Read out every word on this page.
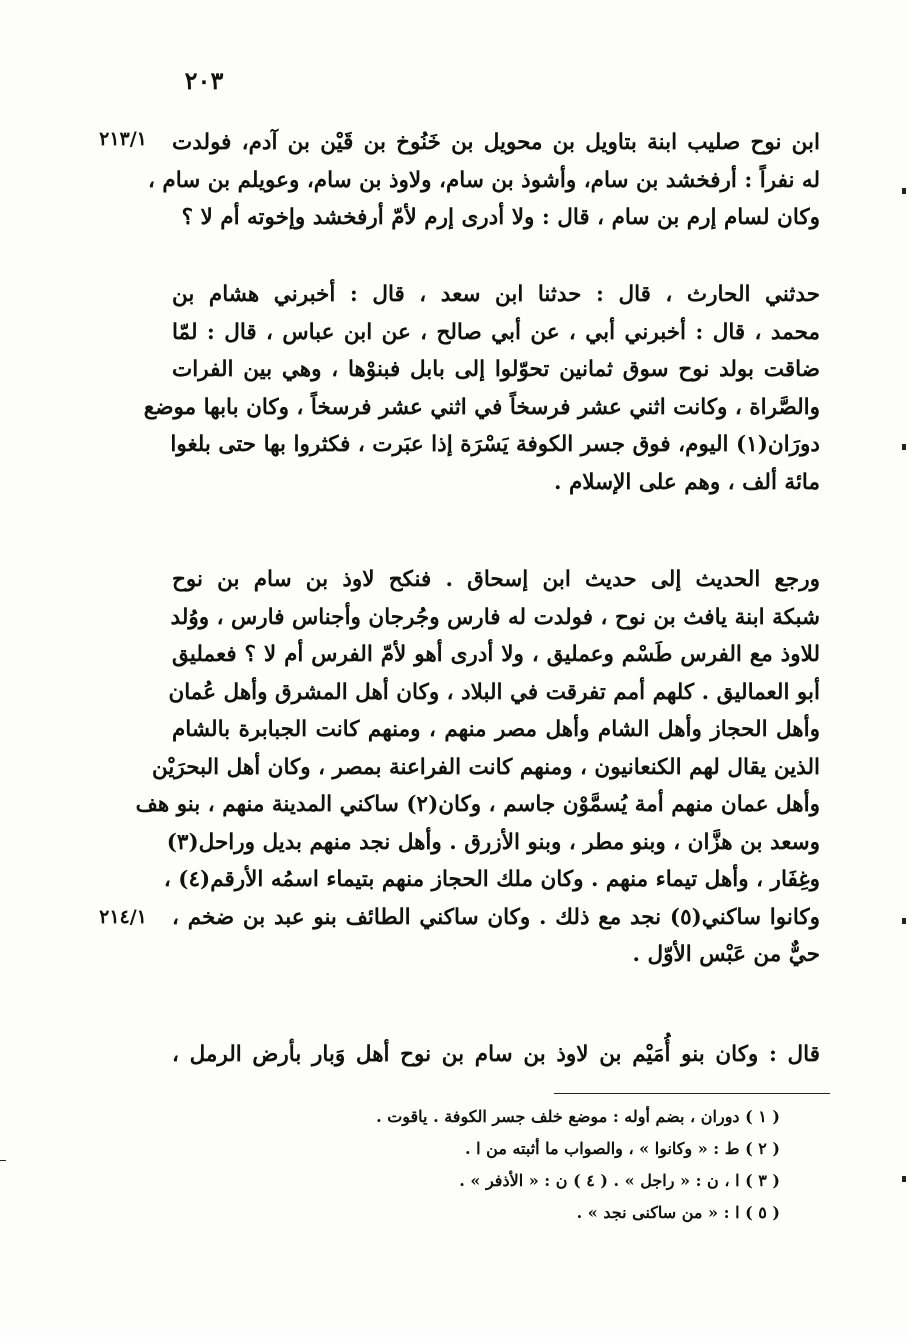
٢٠٣
٢١٣/١
٢١٤/١
ابن نوح صليب ابنة بتاويل بن محويل بن خَنُوخ بن قَيْن بن آدم، فولدت
له نفراً : أرفخشد بن سام، وأشوذ بن سام، ولاوذ بن سام، وعويلم بن سام ،
وكان لسام إرم بن سام ، قال : ولا أدرى إرم لأمّ أرفخشد وإخوته أم لا ؟
حدثني الحارث ، قال : حدثنا ابن سعد ، قال : أخبرني هشام بن
محمد ، قال : أخبرني أبي ، عن أبي صالح ، عن ابن عباس ، قال : لمّا
ضاقت بولد نوح سوق ثمانين تحوّلوا إلى بابل فبنوْها ، وهي بين الفرات
والصَّراة ، وكانت اثني عشر فرسخاً في اثني عشر فرسخاً ، وكان بابها موضع
دورَان(١) اليوم، فوق جسر الكوفة يَسْرَة إذا عبَرت ، فكثروا بها حتى بلغوا
مائة ألف ، وهم على الإسلام .
ورجع الحديث إلى حديث ابن إسحاق . فنكح لاوذ بن سام بن نوح
شبكة ابنة يافث بن نوح ، فولدت له فارس وجُرجان وأجناس فارس ، ووُلد
للاوذ مع الفرس طَسْم وعمليق ، ولا أدرى أهو لأمّ الفرس أم لا ؟ فعمليق
أبو العماليق . كلهم أمم تفرقت في البلاد ، وكان أهل المشرق وأهل عُمان
وأهل الحجاز وأهل الشام وأهل مصر منهم ، ومنهم كانت الجبابرة بالشام
الذين يقال لهم الكنعانيون ، ومنهم كانت الفراعنة بمصر ، وكان أهل البحرَيْن
وأهل عمان منهم أمة يُسمَّوْن جاسم ، وكان(٢) ساكني المدينة منهم ، بنو هف
وسعد بن هزَّان ، وبنو مطر ، وبنو الأزرق . وأهل نجد منهم بديل وراحل(٣)
وغِفَار ، وأهل تيماء منهم . وكان ملك الحجاز منهم بتيماء اسمُه الأرقم(٤) ،
وكانوا ساكني(٥) نجد مع ذلك . وكان ساكني الطائف بنو عبد بن ضخم ،
حيٌّ من عَبْس الأوّل .
قال : وكان بنو أُمَيْم بن لاوذ بن سام بن نوح أهل وَبار بأرض الرمل ،
( ١ ) دوران ، بضم أوله : موضع خلف جسر الكوفة . ياقوت .
( ٢ ) ط : « وكانوا » ، والصواب ما أثبته من ا .
( ٣ ) ا ، ن : « راجل » . ( ٤ ) ن : « الأذفر » .
( ٥ ) ا : « من ساكنى نجد » .
